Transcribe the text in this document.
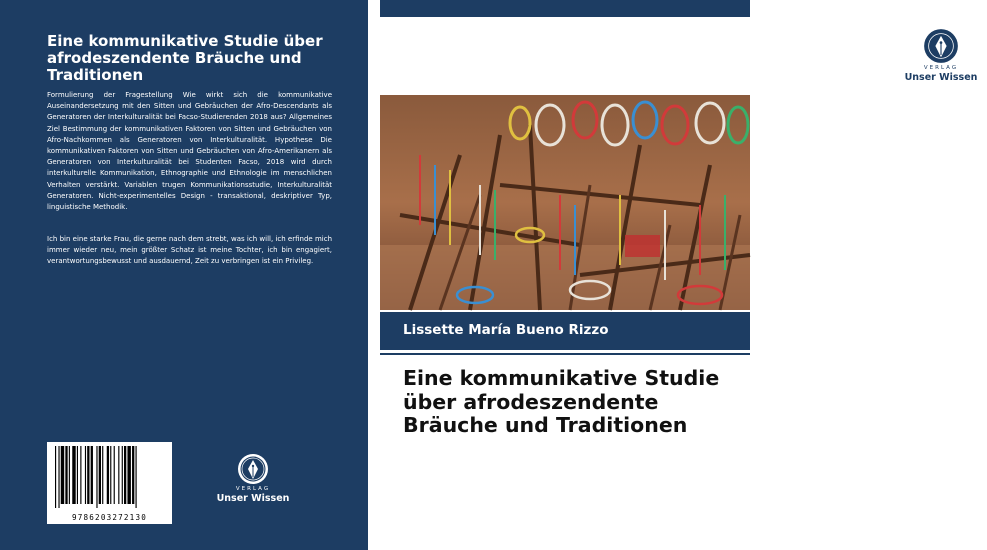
Eine kommunikative Studie über afrodeszendente Bräuche und Traditionen

Formulierung der Fragestellung Wie wirkt sich die kommunikative Auseinandersetzung mit den Sitten und Gebräuchen der Afro-Descendants als Generatoren der Interkulturalität bei Facso-Studierenden 2018 aus? Allgemeines Ziel Bestimmung der kommunikativen Faktoren von Sitten und Gebräuchen von Afro-Nachkommen als Generatoren von Interkulturalität. Hypothese Die kommunikativen Faktoren von Sitten und Gebräuchen von Afro-Amerikanern als Generatoren von Interkulturalität bei Studenten Facso, 2018 wird durch interkulturelle Kommunikation, Ethnographie und Ethnologie im menschlichen Verhalten verstärkt. Variablen trugen Kommunikationsstudie, Interkulturalität Generatoren. Nicht-experimentelles Design - transaktional, deskriptiver Typ, linguistische Methodik.

Ich bin eine starke Frau, die gerne nach dem strebt, was ich will, ich erfinde mich immer wieder neu, mein größter Schatz ist meine Tochter, ich bin engagiert, verantwortungsbewusst und ausdauernd, Zeit zu verbringen ist ein Privileg.

9786203272130
VERLAG
Unser Wissen
VERLAG
Unser Wissen

Lissette María Bueno Rizzo

Eine kommunikative Studie über afrodeszendente Bräuche und Traditionen
